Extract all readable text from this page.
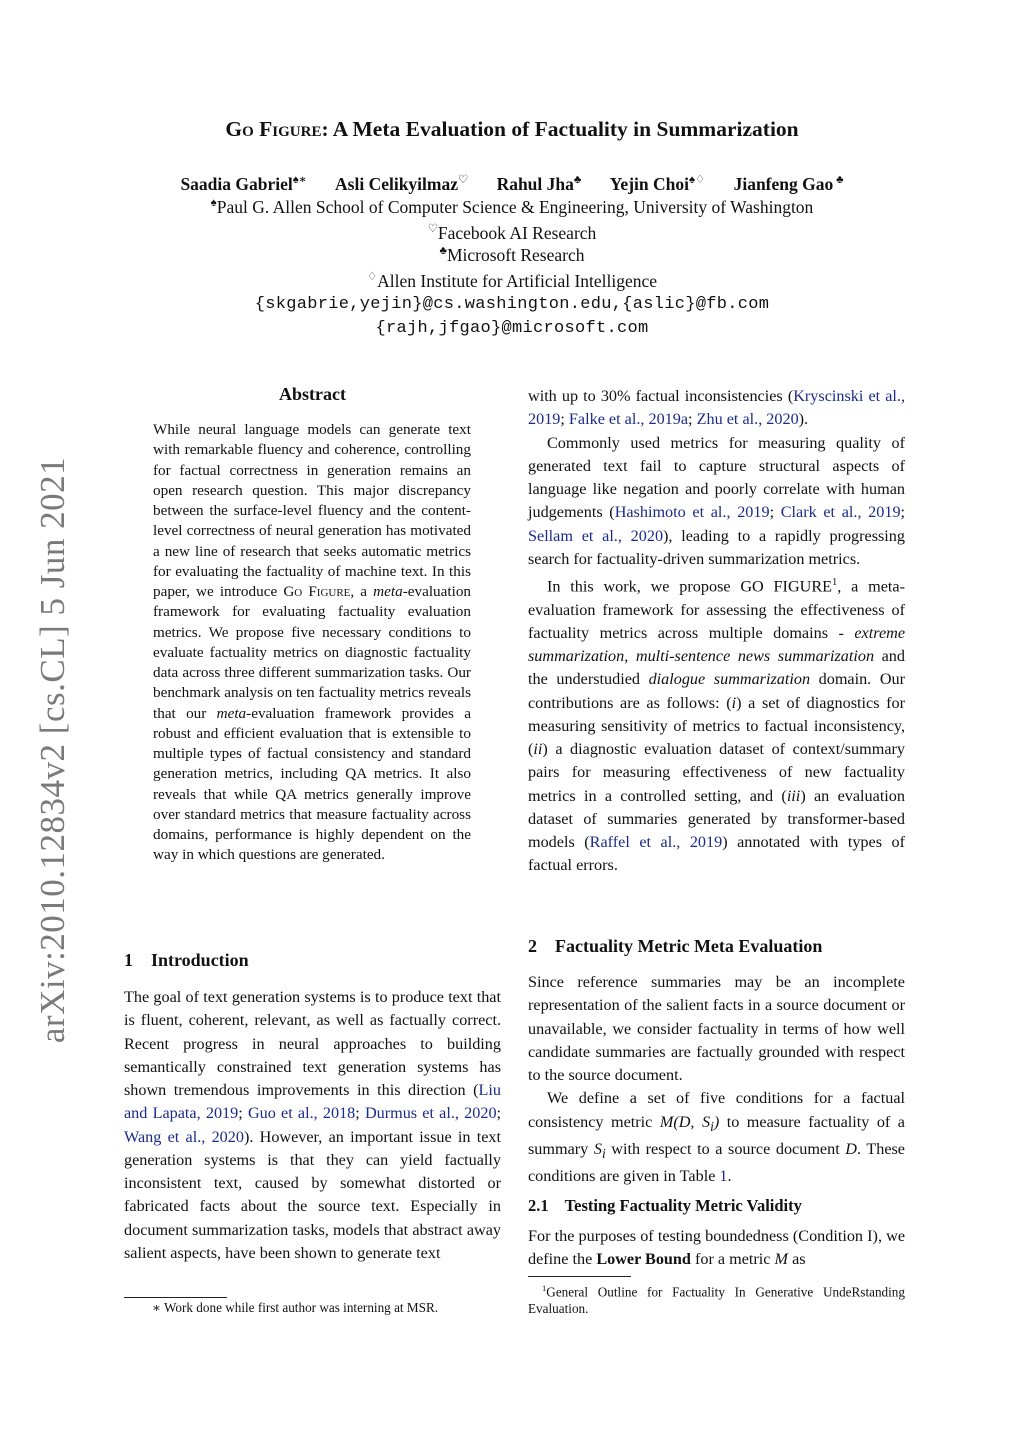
arXiv:2010.12834v2 [cs.CL] 5 Jun 2021
Go Figure: A Meta Evaluation of Factuality in Summarization
Saadia Gabriel♠∗ Asli Celikyilmaz♡ Rahul Jha♣ Yejin Choi♠♢ Jianfeng Gao ♣
♠Paul G. Allen School of Computer Science & Engineering, University of Washington
♡Facebook AI Research
♣Microsoft Research
♢Allen Institute for Artificial Intelligence
{skgabrie,yejin}@cs.washington.edu,{aslic}@fb.com
{rajh,jfgao}@microsoft.com
Abstract

While neural language models can generate text with remarkable fluency and coherence, controlling for factual correctness in generation remains an open research question. This major discrepancy between the surface-level fluency and the content-level correctness of neural generation has motivated a new line of research that seeks automatic metrics for evaluating the factuality of machine text. In this paper, we introduce Go Figure, a meta-evaluation framework for evaluating factuality evaluation metrics. We propose five necessary conditions to evaluate factuality metrics on diagnostic factuality data across three different summarization tasks. Our benchmark analysis on ten factuality metrics reveals that our meta-evaluation framework provides a robust and efficient evaluation that is extensible to multiple types of factual consistency and standard generation metrics, including QA metrics. It also reveals that while QA metrics generally improve over standard metrics that measure factuality across domains, performance is highly dependent on the way in which questions are generated.

1 Introduction

The goal of text generation systems is to produce text that is fluent, coherent, relevant, as well as factually correct. Recent progress in neural approaches to building semantically constrained text generation systems has shown tremendous improvements in this direction (Liu and Lapata, 2019; Guo et al., 2018; Durmus et al., 2020; Wang et al., 2020). However, an important issue in text generation systems is that they can yield factually inconsistent text, caused by somewhat distorted or fabricated facts about the source text. Especially in document summarization tasks, models that abstract away salient aspects, have been shown to generate text

∗ Work done while first author was interning at MSR.

with up to 30% factual inconsistencies (Kryscinski et al., 2019; Falke et al., 2019a; Zhu et al., 2020).

Commonly used metrics for measuring quality of generated text fail to capture structural aspects of language like negation and poorly correlate with human judgements (Hashimoto et al., 2019; Clark et al., 2019; Sellam et al., 2020), leading to a rapidly progressing search for factuality-driven summarization metrics.

In this work, we propose GO FIGURE$^1$, a meta-evaluation framework for assessing the effectiveness of factuality metrics across multiple domains - extreme summarization, multi-sentence news summarization and the understudied dialogue summarization domain. Our contributions are as follows: (i) a set of diagnostics for measuring sensitivity of metrics to factual inconsistency, (ii) a diagnostic evaluation dataset of context/summary pairs for measuring effectiveness of new factuality metrics in a controlled setting, and (iii) an evaluation dataset of summaries generated by transformer-based models (Raffel et al., 2019) annotated with types of factual errors.

2 Factuality Metric Meta Evaluation

Since reference summaries may be an incomplete representation of the salient facts in a source document or unavailable, we consider factuality in terms of how well candidate summaries are factually grounded with respect to the source document.

We define a set of five conditions for a factual consistency metric M(D, $S_i$) to measure factuality of a summary $S_i$ with respect to a source document D. These conditions are given in Table 1.

2.1 Testing Factuality Metric Validity

For the purposes of testing boundedness (Condition I), we define the Lower Bound for a metric M as

$^1$General Outline for Factuality In Generative UndeRstanding Evaluation.
